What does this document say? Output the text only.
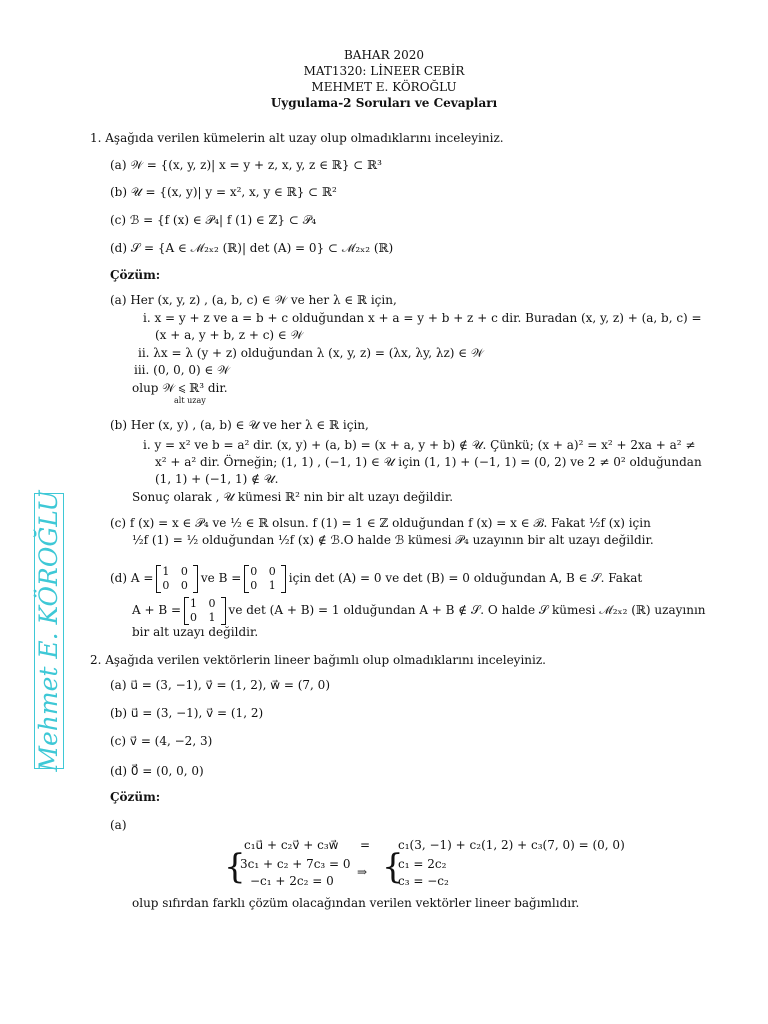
BAHAR 2020
MAT1320: LİNEER CEBİR
MEHMET E. KÖROĞLU
Uygulama-2 Soruları ve Cevapları
Mehmet E. KÖROĞLU
1. Aşağıda verilen kümelerin alt uzay olup olmadıklarını inceleyiniz.
(a) 𝒲 = {(x, y, z)| x = y + z, x, y, z ∈ ℝ} ⊂ ℝ³
(b) 𝒰 = {(x, y)| y = x², x, y ∈ ℝ} ⊂ ℝ²
(c) ℬ = {f (x) ∈ 𝒫₄| f (1) ∈ ℤ} ⊂ 𝒫₄
(d) 𝒮 = {A ∈ ℳ₂ₓ₂ (ℝ)| det (A) = 0} ⊂ ℳ₂ₓ₂ (ℝ)
Çözüm:
(a) Her (x, y, z) , (a, b, c) ∈ 𝒲 ve her λ ∈ ℝ için,
i. x = y + z ve a = b + c olduğundan x + a = y + b + z + c dir. Buradan (x, y, z) + (a, b, c) =
(x + a, y + b, z + c) ∈ 𝒲
ii. λx = λ (y + z) olduğundan λ (x, y, z) = (λx, λy, λz) ∈ 𝒲
iii. (0, 0, 0) ∈ 𝒲
olup 𝒲 ⩽ ℝ³ dir.
alt uzay
(b) Her (x, y) , (a, b) ∈ 𝒰 ve her λ ∈ ℝ için,
i. y = x² ve b = a² dir. (x, y) + (a, b) = (x + a, y + b) ∉ 𝒰. Çünkü; (x + a)² = x² + 2xa + a² ≠
x² + a² dir. Örneğin; (1, 1) , (−1, 1) ∈ 𝒰 için (1, 1) + (−1, 1) = (0, 2) ve 2 ≠ 0² olduğundan
(1, 1) + (−1, 1) ∉ 𝒰.
Sonuç olarak , 𝒰 kümesi ℝ² nin bir alt uzayı değildir.
(c) f (x) = x ∈ 𝒫₄ ve ½ ∈ ℝ olsun. f (1) = 1 ∈ ℤ olduğundan f (x) = x ∈ ℬ. Fakat ½f (x) için
½f (1) = ½ olduğundan ½f (x) ∉ ℬ.O halde ℬ kümesi 𝒫₄ uzayının bir alt uzayı değildir.
(d) A = 1 0
0 0
ve B = 0 0
0 1
için det (A) = 0 ve det (B) = 0 olduğundan A, B ∈ 𝒮. Fakat
A + B = 1 0
0 1
ve det (A + B) = 1 olduğundan A + B ∉ 𝒮. O halde 𝒮 kümesi ℳ₂ₓ₂ (ℝ) uzayının
bir alt uzayı değildir.
2. Aşağıda verilen vektörlerin lineer bağımlı olup olmadıklarını inceleyiniz.
(a) u⃗ = (3, −1), v⃗ = (1, 2), w⃗ = (7, 0)
(b) u⃗ = (3, −1), v⃗ = (1, 2)
(c) v⃗ = (4, −2, 3)
(d) 0⃗ = (0, 0, 0)
Çözüm:
(a)
c₁u⃗ + c₂v⃗ + c₃w⃗ = c₁(3, −1) + c₂(1, 2) + c₃(7, 0) = (0, 0)
{
3c₁ + c₂ + 7c₃ = 0
−c₁ + 2c₂ = 0
⇒ {
c₁ = 2c₂
c₃ = −c₂
olup sıfırdan farklı çözüm olacağından verilen vektörler lineer bağımlıdır.
